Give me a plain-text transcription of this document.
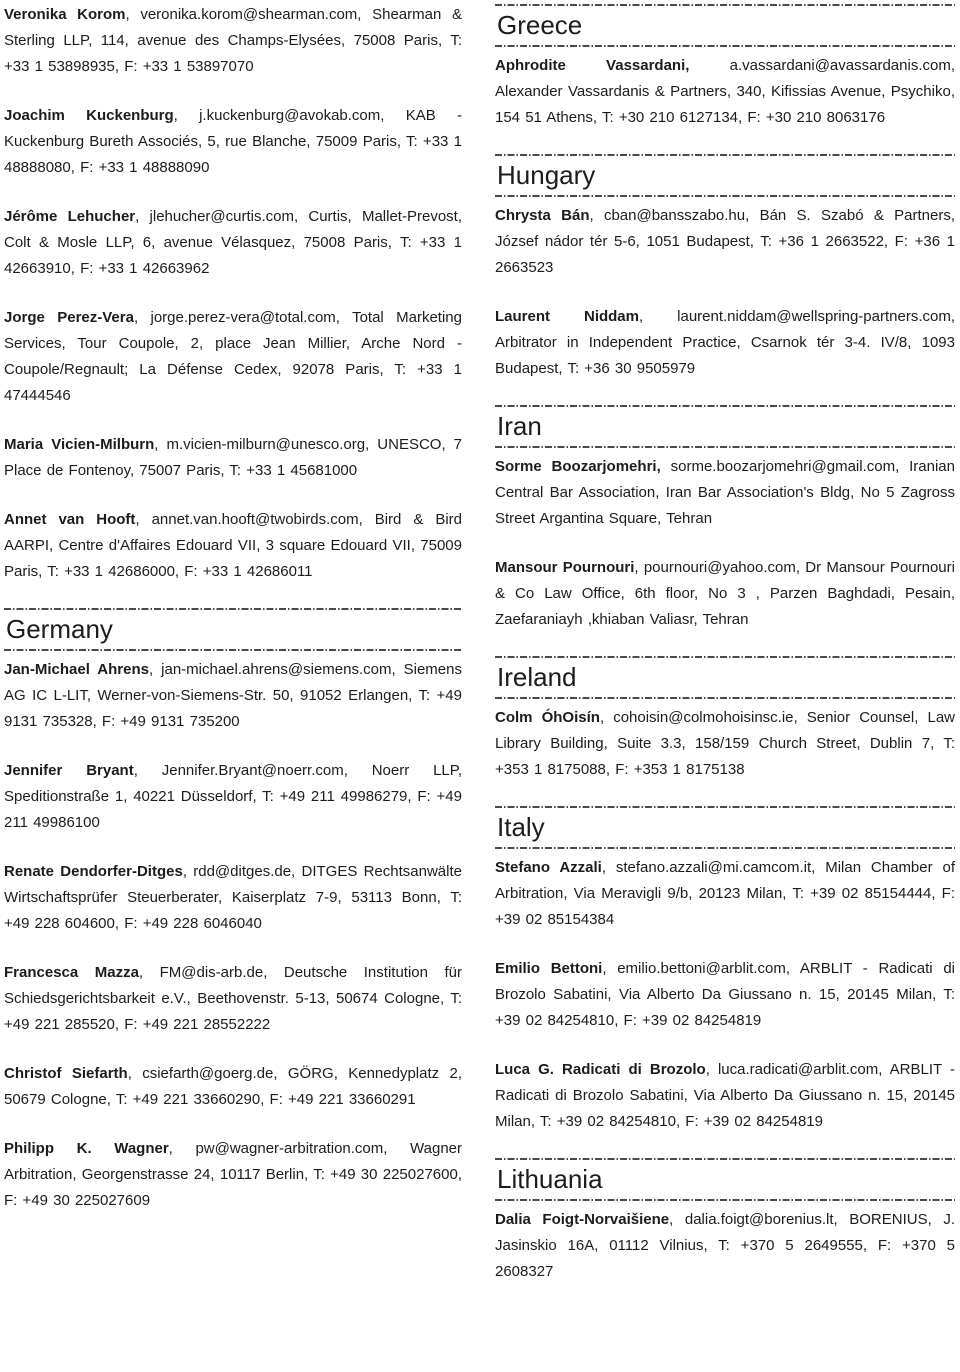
Veronika Korom, veronika.korom@shearman.com, Shearman & Sterling LLP, 114, avenue des Champs-Elysées, 75008 Paris, T: +33 1 53898935, F: +33 1 53897070

Joachim Kuckenburg, j.kuckenburg@avokab.com, KAB - Kuckenburg Bureth Associés, 5, rue Blanche, 75009 Paris, T: +33 1 48888080, F: +33 1 48888090

Jérôme Lehucher, jlehucher@curtis.com, Curtis, Mallet-Prevost, Colt & Mosle LLP, 6, avenue Vélasquez, 75008 Paris, T: +33 1 42663910, F: +33 1 42663962

Jorge Perez-Vera, jorge.perez-vera@total.com, Total Marketing Services, Tour Coupole, 2, place Jean Millier, Arche Nord - Coupole/Regnault; La Défense Cedex, 92078 Paris, T: +33 1 47444546

Maria Vicien-Milburn, m.vicien-milburn@unesco.org, UNESCO, 7 Place de Fontenoy, 75007 Paris, T: +33 1 45681000

Annet van Hooft, annet.van.hooft@twobirds.com, Bird & Bird AARPI, Centre d'Affaires Edouard VII, 3 square Edouard VII, 75009 Paris, T: +33 1 42686000, F: +33 1 42686011

Germany

Jan-Michael Ahrens, jan-michael.ahrens@siemens.com, Siemens AG IC L-LIT, Werner-von-Siemens-Str. 50, 91052 Erlangen, T: +49 9131 735328, F: +49 9131 735200

Jennifer Bryant, Jennifer.Bryant@noerr.com, Noerr LLP, Speditionstraße 1, 40221 Düsseldorf, T: +49 211 49986279, F: +49 211 49986100

Renate Dendorfer-Ditges, rdd@ditges.de, DITGES Rechtsanwälte Wirtschaftsprüfer Steuerberater, Kaiserplatz 7-9, 53113 Bonn, T: +49 228 604600, F: +49 228 6046040

Francesca Mazza, FM@dis-arb.de, Deutsche Institution für Schiedsgerichtsbarkeit e.V., Beethovenstr. 5-13, 50674 Cologne, T: +49 221 285520, F: +49 221 28552222

Christof Siefarth, csiefarth@goerg.de, GÖRG, Kennedyplatz 2, 50679 Cologne, T: +49 221 33660290, F: +49 221 33660291

Philipp K. Wagner, pw@wagner-arbitration.com, Wagner Arbitration, Georgenstrasse 24, 10117 Berlin, T: +49 30 225027600, F: +49 30 225027609

Greece

Aphrodite Vassardani, a.vassardani@avassardanis.com, Alexander Vassardanis & Partners, 340, Kifissias Avenue, Psychiko, 154 51 Athens, T: +30 210 6127134, F: +30 210 8063176

Hungary

Chrysta Bán, cban@bansszabo.hu, Bán S. Szabó & Partners, József nádor tér 5-6, 1051 Budapest, T: +36 1 2663522, F: +36 1 2663523

Laurent Niddam, laurent.niddam@wellspring-partners.com, Arbitrator in Independent Practice, Csarnok tér 3-4. IV/8, 1093 Budapest, T: +36 30 9505979

Iran

Sorme Boozarjomehri, sorme.boozarjomehri@gmail.com, Iranian Central Bar Association, Iran Bar Association's Bldg, No 5 Zagross Street Argantina Square, Tehran

Mansour Pournouri, pournouri@yahoo.com, Dr Mansour Pournouri & Co Law Office, 6th floor, No 3 , Parzen Baghdadi, Pesain, Zaefaraniayh ,khiaban Valiasr, Tehran

Ireland

Colm ÓhOisín, cohoisin@colmohoisinsc.ie, Senior Counsel, Law Library Building, Suite 3.3, 158/159 Church Street, Dublin 7, T: +353 1 8175088, F: +353 1 8175138

Italy

Stefano Azzali, stefano.azzali@mi.camcom.it, Milan Chamber of Arbitration, Via Meravigli 9/b, 20123 Milan, T: +39 02 85154444, F: +39 02 85154384

Emilio Bettoni, emilio.bettoni@arblit.com, ARBLIT - Radicati di Brozolo Sabatini, Via Alberto Da Giussano n. 15, 20145 Milan, T: +39 02 84254810, F: +39 02 84254819

Luca G. Radicati di Brozolo, luca.radicati@arblit.com, ARBLIT - Radicati di Brozolo Sabatini, Via Alberto Da Giussano n. 15, 20145 Milan, T: +39 02 84254810, F: +39 02 84254819

Lithuania

Dalia Foigt-Norvaišiene, dalia.foigt@borenius.lt, BORENIUS, J. Jasinskio 16A, 01112 Vilnius, T: +370 5 2649555, F: +370 5 2608327
